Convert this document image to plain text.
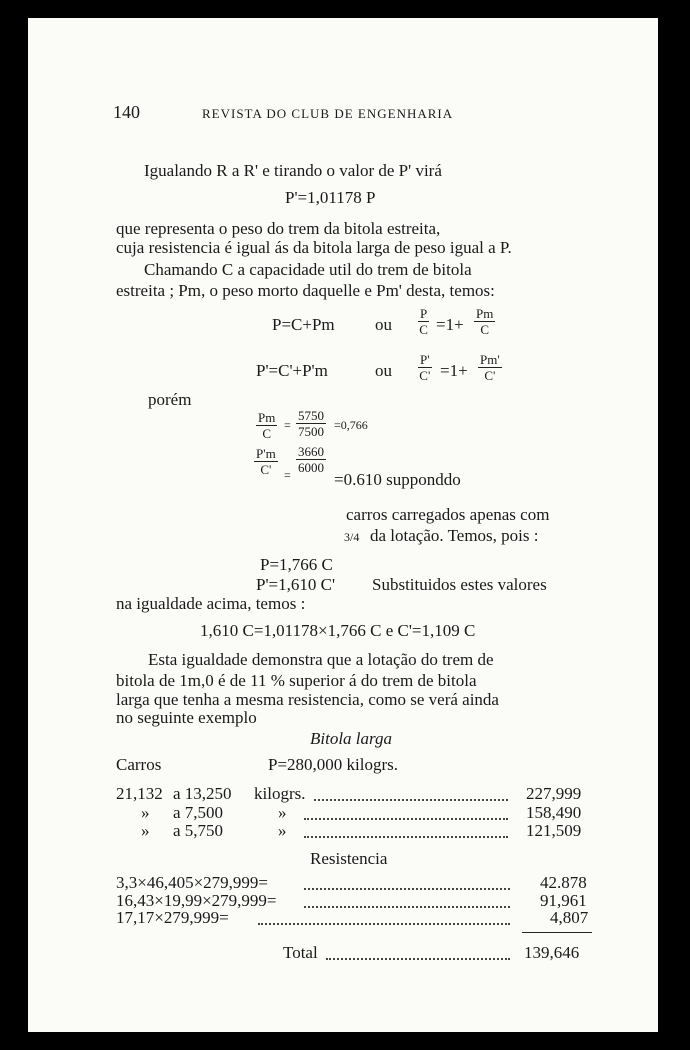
140	REVISTA DO CLUB DE ENGENHARIA
Igualando R a R' e tirando o valor de P' virá
P'=1,01178 P
que representa o peso do trem da bitola estreita,
cuja resistencia é igual ás da bitola larga de peso igual a P.
Chamando C a capacidade util do trem de bitola
estreita ; Pm, o peso morto daquelle e Pm' desta, temos:
P=C+Pm ou $\frac{P}{C} =1+ \frac{Pm}{C}$
P'=C'+P'm	ou $\frac{P'}{C'} =1+ \frac{Pm'}{C'}$
porém
$\frac{Pm}{C} = \frac{5750}{7500} =0,766$
$\frac{P'm}{C'} = \frac{3660}{6000}$
=0.610 supponddo
carros carregados apenas com
3/4 da lotação. Temos, pois :
P=1,766 C
P'=1,610 C' Substituidos estes valores
na igualdade acima, temos :
1,610 C=1,01178×1,766 C e C'=1,109 C
Esta igualdade demonstra que a lotação do trem de
bitola de 1m,0 é de 11 % superior á do trem de bitola
larga que tenha a mesma resistencia, como se verá ainda
no seguinte exemplo
Bitola larga
Carros	P=280,000 kilogrs.
21,132 a 13,250 kilogrs.	227,999
» a 7,500	»	158,490
» a 5,750	»	121,509
Resistencia
3,3×46,405×279,999=	42.878
16,43×19,99×279,999=	91,961
17,17×279,999=	4,807
Total	139,646
